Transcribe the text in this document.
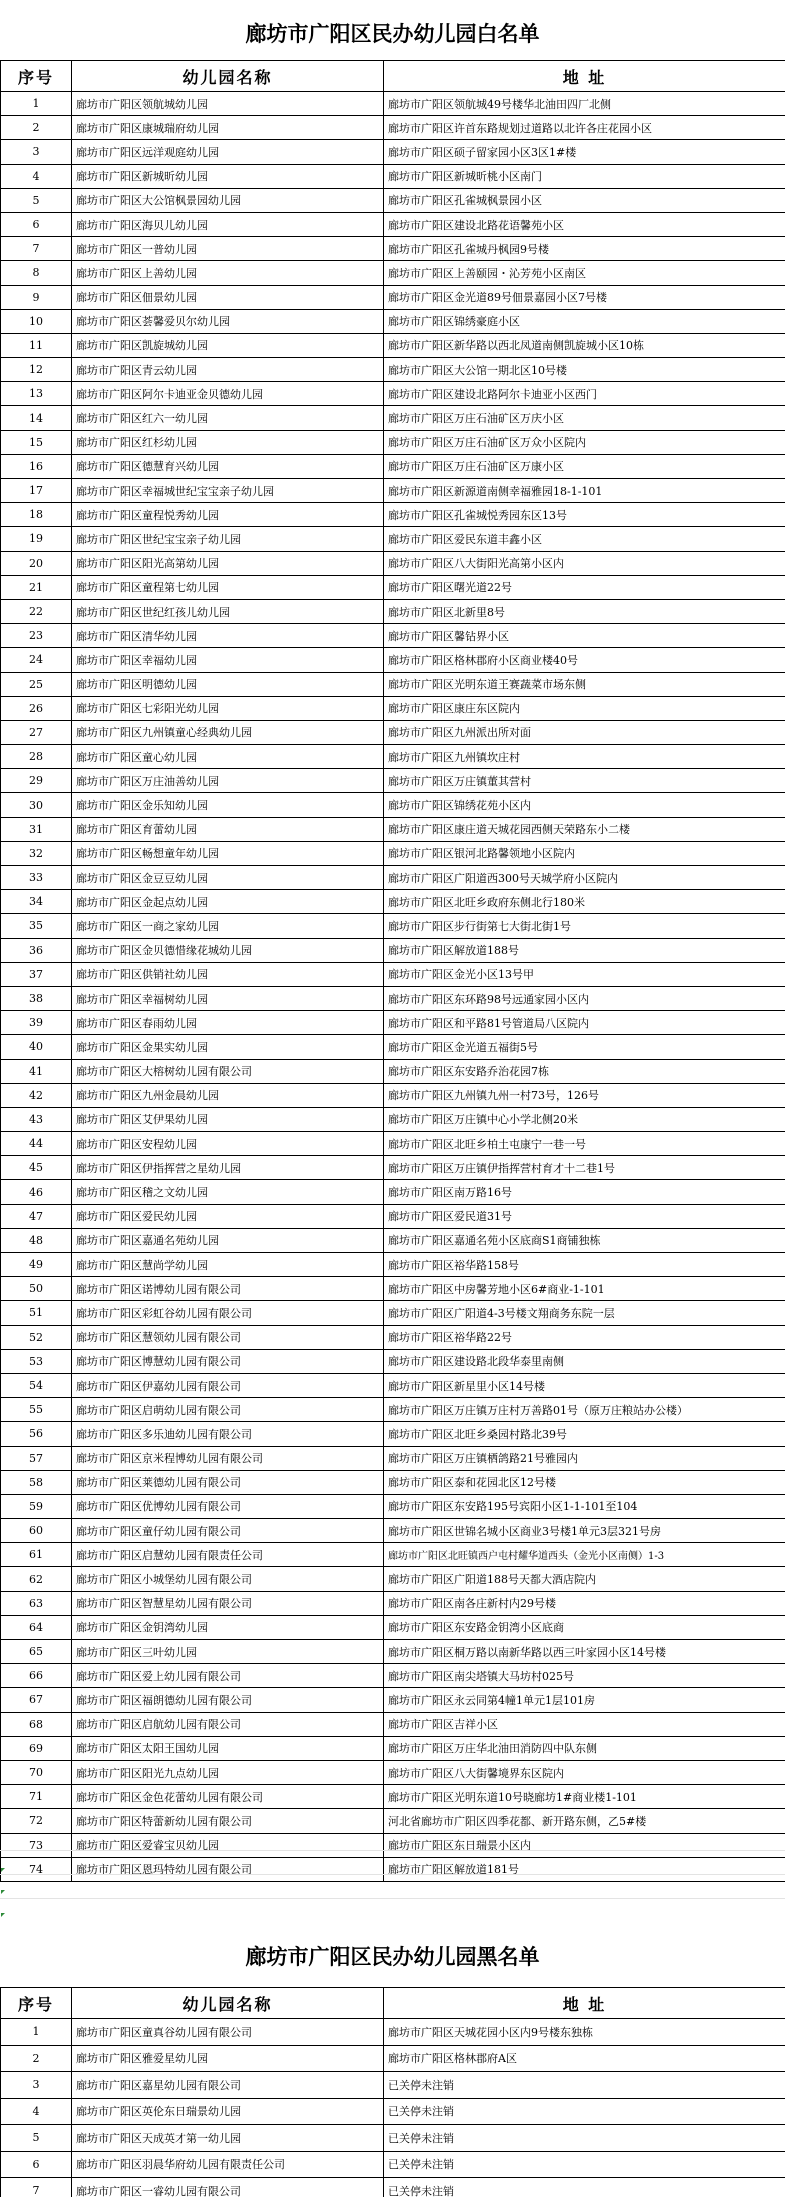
廊坊市广阳区民办幼儿园白名单
序号	幼儿园名称	地 址
1	廊坊市广阳区领航城幼儿园	廊坊市广阳区领航城49号楼华北油田四厂北侧
2	廊坊市广阳区康城瑞府幼儿园	廊坊市广阳区许首东路规划过道路以北许各庄花园小区
3	廊坊市广阳区远洋观庭幼儿园	廊坊市广阳区硕子留家园小区3区1#楼
4	廊坊市广阳区新城昕幼儿园	廊坊市广阳区新城昕桃小区南门
5	廊坊市广阳区大公馆枫景园幼儿园	廊坊市广阳区孔雀城枫景园小区
6	廊坊市广阳区海贝儿幼儿园	廊坊市广阳区建设北路花语馨苑小区
7	廊坊市广阳区一普幼儿园	廊坊市广阳区孔雀城丹枫园9号楼
8	廊坊市广阳区上善幼儿园	廊坊市广阳区上善颐园・沁芳苑小区南区
9	廊坊市广阳区佃景幼儿园	廊坊市广阳区金光道89号佃景嘉园小区7号楼
10	廊坊市广阳区荟馨爱贝尔幼儿园	廊坊市广阳区锦绣豪庭小区
11	廊坊市广阳区凯旋城幼儿园	廊坊市广阳区新华路以西北凤道南侧凯旋城小区10栋
12	廊坊市广阳区青云幼儿园	廊坊市广阳区大公馆一期北区10号楼
13	廊坊市广阳区阿尔卡迪亚金贝德幼儿园	廊坊市广阳区建设北路阿尔卡迪亚小区西门
14	廊坊市广阳区红六一幼儿园	廊坊市广阳区万庄石油矿区万庆小区
15	廊坊市广阳区红杉幼儿园	廊坊市广阳区万庄石油矿区万众小区院内
16	廊坊市广阳区德慧育兴幼儿园	廊坊市广阳区万庄石油矿区万康小区
17	廊坊市广阳区幸福城世纪宝宝亲子幼儿园	廊坊市广阳区新源道南侧幸福雅园18-1-101
18	廊坊市广阳区童程悦秀幼儿园	廊坊市广阳区孔雀城悦秀园东区13号
19	廊坊市广阳区世纪宝宝亲子幼儿园	廊坊市广阳区爱民东道丰鑫小区
20	廊坊市广阳区阳光高第幼儿园	廊坊市广阳区八大街阳光高第小区内
21	廊坊市广阳区童程第七幼儿园	廊坊市广阳区曙光道22号
22	廊坊市广阳区世纪红孩儿幼儿园	廊坊市广阳区北新里8号
23	廊坊市广阳区清华幼儿园	廊坊市广阳区馨钻界小区
24	廊坊市广阳区幸福幼儿园	廊坊市广阳区格林郡府小区商业楼40号
25	廊坊市广阳区明德幼儿园	廊坊市广阳区光明东道王赛蔬菜市场东侧
26	廊坊市广阳区七彩阳光幼儿园	廊坊市广阳区康庄东区院内
27	廊坊市广阳区九州镇童心经典幼儿园	廊坊市广阳区九州派出所对面
28	廊坊市广阳区童心幼儿园	廊坊市广阳区九州镇坎庄村
29	廊坊市广阳区万庄油善幼儿园	廊坊市广阳区万庄镇董其营村
30	廊坊市广阳区金乐知幼儿园	廊坊市广阳区锦绣花苑小区内
31	廊坊市广阳区育蕾幼儿园	廊坊市广阳区康庄道天城花园西侧天荣路东小二楼
32	廊坊市广阳区畅想童年幼儿园	廊坊市广阳区银河北路馨领地小区院内
33	廊坊市广阳区金豆豆幼儿园	廊坊市广阳区广阳道西300号天城学府小区院内
34	廊坊市广阳区金起点幼儿园	廊坊市广阳区北旺乡政府东侧北行180米
35	廊坊市广阳区一商之家幼儿园	廊坊市广阳区步行街第七大街北街1号
36	廊坊市广阳区金贝德惜缘花城幼儿园	廊坊市广阳区解放道188号
37	廊坊市广阳区供销社幼儿园	廊坊市广阳区金光小区13号甲
38	廊坊市广阳区幸福树幼儿园	廊坊市广阳区东环路98号远通家园小区内
39	廊坊市广阳区春雨幼儿园	廊坊市广阳区和平路81号管道局八区院内
40	廊坊市广阳区金果实幼儿园	廊坊市广阳区金光道五福街5号
41	廊坊市广阳区大榕树幼儿园有限公司	廊坊市广阳区东安路乔治花园7栋
42	廊坊市广阳区九州金晨幼儿园	廊坊市广阳区九州镇九州一村73号，126号
43	廊坊市广阳区艾伊果幼儿园	廊坊市广阳区万庄镇中心小学北侧20米
44	廊坊市广阳区安程幼儿园	廊坊市广阳区北旺乡柏土屯康宁一巷一号
45	廊坊市广阳区伊指挥营之星幼儿园	廊坊市广阳区万庄镇伊指挥营村育才十二巷1号
46	廊坊市广阳区稽之文幼儿园	廊坊市广阳区南万路16号
47	廊坊市广阳区爱民幼儿园	廊坊市广阳区爱民道31号
48	廊坊市广阳区嘉通名苑幼儿园	廊坊市广阳区嘉通名苑小区底商S1商铺独栋
49	廊坊市广阳区慧尚学幼儿园	廊坊市广阳区裕华路158号
50	廊坊市广阳区诺博幼儿园有限公司	廊坊市广阳区中房馨芳地小区6#商业-1-101
51	廊坊市广阳区彩虹谷幼儿园有限公司	廊坊市广阳区广阳道4-3号楼文翔商务东院一层
52	廊坊市广阳区慧领幼儿园有限公司	廊坊市广阳区裕华路22号
53	廊坊市广阳区博慧幼儿园有限公司	廊坊市广阳区建设路北段华泰里南侧
54	廊坊市广阳区伊嘉幼儿园有限公司	廊坊市广阳区新星里小区14号楼
55	廊坊市广阳区启萌幼儿园有限公司	廊坊市广阳区万庄镇万庄村万善路01号（原万庄粮站办公楼）
56	廊坊市广阳区多乐迪幼儿园有限公司	廊坊市广阳区北旺乡桑园村路北39号
57	廊坊市广阳区京米程博幼儿园有限公司	廊坊市广阳区万庄镇栖鸽路21号雅园内
58	廊坊市广阳区莱德幼儿园有限公司	廊坊市广阳区泰和花园北区12号楼
59	廊坊市广阳区优博幼儿园有限公司	廊坊市广阳区东安路195号宾阳小区1-1-101至104
60	廊坊市广阳区童仔幼儿园有限公司	廊坊市广阳区世锦名城小区商业3号楼1单元3层321号房
61	廊坊市广阳区启慧幼儿园有限责任公司	廊坊市广阳区北旺镇西户屯村耀华道西头（金光小区南侧）1-3
62	廊坊市广阳区小城堡幼儿园有限公司	廊坊市广阳区广阳道188号天都大酒店院内
63	廊坊市广阳区智慧星幼儿园有限公司	廊坊市广阳区南各庄新村内29号楼
64	廊坊市广阳区金钥湾幼儿园	廊坊市广阳区东安路金钥湾小区底商
65	廊坊市广阳区三叶幼儿园	廊坊市广阳区桐万路以南新华路以西三叶家园小区14号楼
66	廊坊市广阳区爱上幼儿园有限公司	廊坊市广阳区南尖塔镇大马坊村025号
67	廊坊市广阳区福朗德幼儿园有限公司	廊坊市广阳区永云同第4幢1单元1层101房
68	廊坊市广阳区启航幼儿园有限公司	廊坊市广阳区吉祥小区
69	廊坊市广阳区太阳王国幼儿园	廊坊市广阳区万庄华北油田消防四中队东侧
70	廊坊市广阳区阳光九点幼儿园	廊坊市广阳区八大街馨境界东区院内
71	廊坊市广阳区金色花蕾幼儿园有限公司	廊坊市广阳区光明东道10号晓廊坊1#商业楼1-101
72	廊坊市广阳区特蕾新幼儿园有限公司	河北省廊坊市广阳区四季花都、新开路东侧，乙5#楼
73	廊坊市广阳区爱睿宝贝幼儿园	廊坊市广阳区东日瑞景小区内
74	廊坊市广阳区恩玛特幼儿园有限公司	廊坊市广阳区解放道181号
廊坊市广阳区民办幼儿园黑名单
序号	幼儿园名称	地 址
1	廊坊市广阳区童真谷幼儿园有限公司	廊坊市广阳区天城花园小区内9号楼东独栋
2	廊坊市广阳区雅爱星幼儿园	廊坊市广阳区格林郡府A区
3	廊坊市广阳区嘉星幼儿园有限公司	已关停未注销
4	廊坊市广阳区英伦东日瑞景幼儿园	已关停未注销
5	廊坊市广阳区天成英才第一幼儿园	已关停未注销
6	廊坊市广阳区羽晨华府幼儿园有限责任公司	已关停未注销
7	廊坊市广阳区一睿幼儿园有限公司	已关停未注销
